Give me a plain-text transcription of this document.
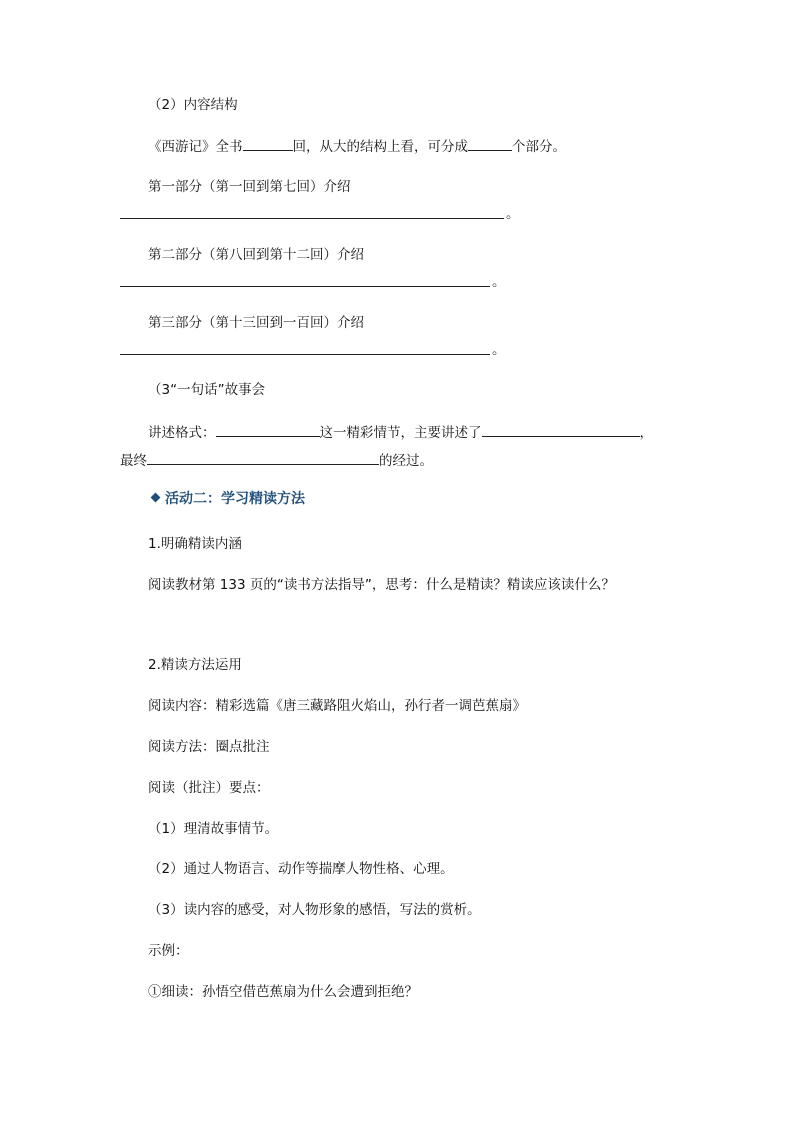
（2）内容结构
《西游记》全书	回，从大的结构上看，可分成	个部分。
第一部分（第一回到第七回）介绍
。
第二部分（第八回到第十二回）介绍
。
第三部分（第十三回到一百回）介绍
。
（3“一句话”故事会
讲述格式：	这一精彩情节，主要讲述了	，
最终	的经过。
活动二：学习精读方法
1.明确精读内涵
阅读教材第 133 页的“读书方法指导”，思考：什么是精读？精读应该读什么？
2.精读方法运用
阅读内容：精彩选篇《唐三藏路阻火焰山，孙行者一调芭蕉扇》
阅读方法：圈点批注
阅读（批注）要点：
（1）理清故事情节。
（2）通过人物语言、动作等揣摩人物性格、心理。
（3）读内容的感受，对人物形象的感悟，写法的赏析。
示例：
①细读：孙悟空借芭蕉扇为什么会遭到拒绝？
